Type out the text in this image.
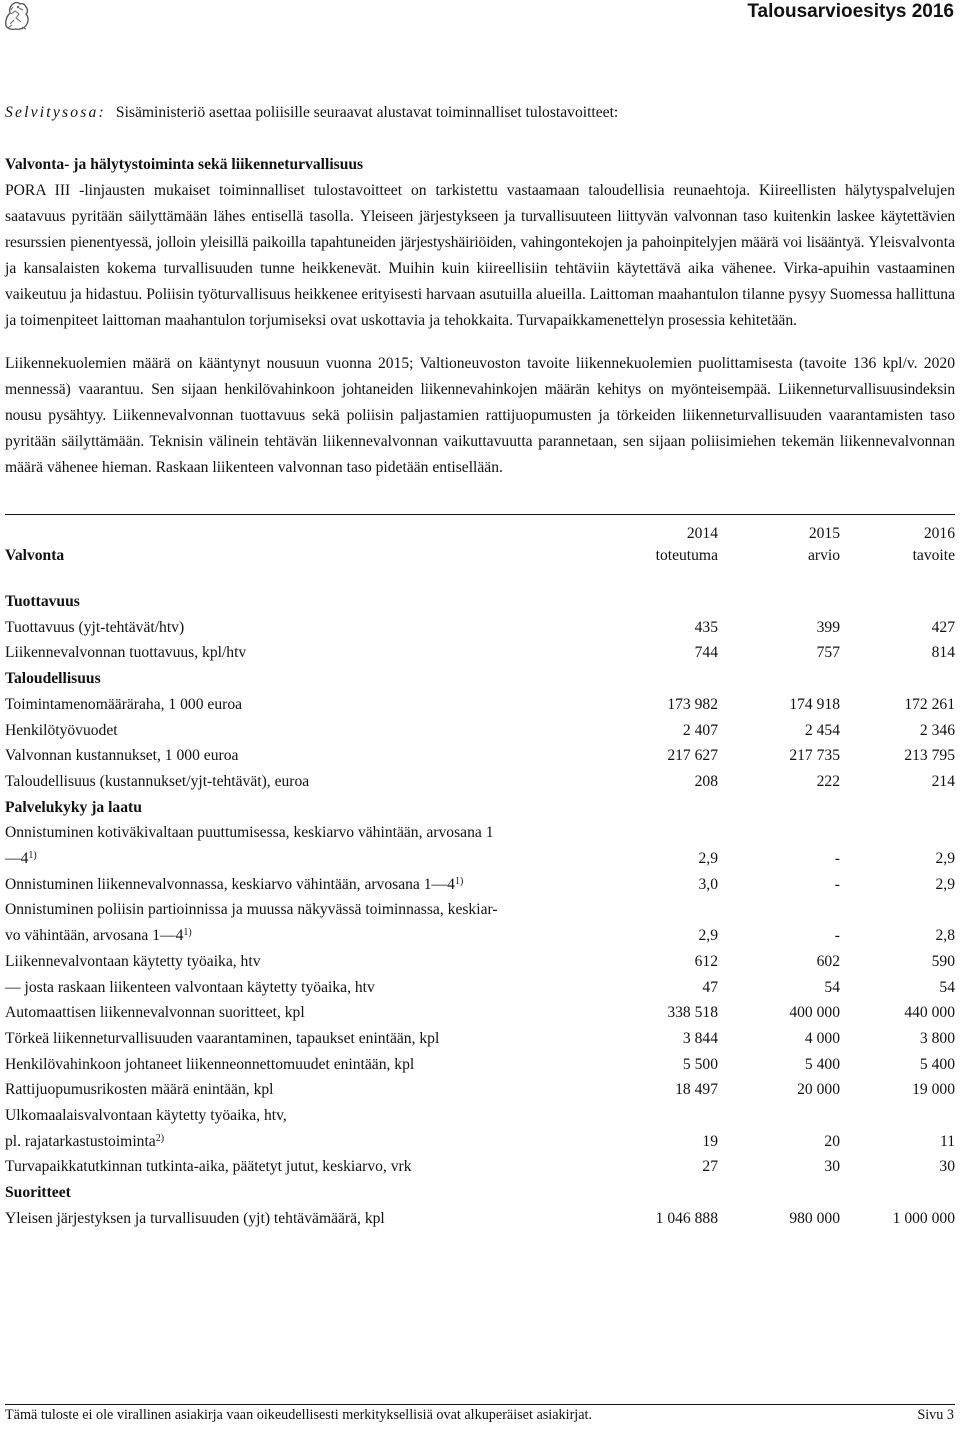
Talousarvioesitys 2016

Selvitysosa: Sisäministeriö asettaa poliisille seuraavat alustavat toiminnalliset tulostavoitteet:

Valvonta- ja hälytystoiminta sekä liikenneturvallisuus

PORA III -linjausten mukaiset toiminnalliset tulostavoitteet on tarkistettu vastaamaan taloudellisia reunaehtoja. Kiireellisten hälytyspalvelujen saatavuus pyritään säilyttämään lähes entisellä tasolla. Yleiseen järjestykseen ja turvallisuuteen liittyvän valvonnan taso kuitenkin laskee käytettävien resurssien pienentyessä, jolloin yleisillä paikoilla tapahtuneiden järjestyshäiriöiden, vahingontekojen ja pahoinpitelyjen määrä voi lisääntyä. Yleisvalvonta ja kansalaisten kokema turvallisuuden tunne heikkenevät. Muihin kuin kiireellisiin tehtäviin käytettävä aika vähenee. Virka-apuihin vastaaminen vaikeutuu ja hidastuu. Poliisin työturvallisuus heikkenee erityisesti harvaan asutuilla alueilla. Laittoman maahantulon tilanne pysyy Suomessa hallittuna ja toimenpiteet laittoman maahantulon torjumiseksi ovat uskottavia ja tehokkaita. Turvapaikkamenettelyn prosessia kehitetään.

Liikennekuolemien määrä on kääntynyt nousuun vuonna 2015; Valtioneuvoston tavoite liikennekuolemien puolittamisesta (tavoite 136 kpl/v. 2020 mennessä) vaarantuu. Sen sijaan henkilövahinkoon johtaneiden liikennevahinkojen määrän kehitys on myönteisempää. Liikenneturvallisuusindeksin nousu pysähtyy. Liikennevalvonnan tuottavuus sekä poliisin paljastamien rattijuopumusten ja törkeiden liikenneturvallisuuden vaarantamisten taso pyritään säilyttämään. Teknisin välinein tehtävän liikennevalvonnan vaikuttavuutta parannetaan, sen sijaan poliisimiehen tekemän liikennevalvonnan määrä vähenee hieman. Raskaan liikenteen valvonnan taso pidetään entisellään.

	2014	2015	2016
Valvonta	toteutuma	arvio	tavoite

Tuottavuus			
Tuottavuus (yjt-tehtävät/htv)	435	399	427
Liikennevalvonnan tuottavuus, kpl/htv	744	757	814
Taloudellisuus			
Toimintamenomääräraha, 1 000 euroa	173 982	174 918	172 261
Henkilötyövuodet	2 407	2 454	2 346
Valvonnan kustannukset, 1 000 euroa	217 627	217 735	213 795
Taloudellisuus (kustannukset/yjt-tehtävät), euroa	208	222	214
Palvelukyky ja laatu			
Onnistuminen kotiväkivaltaan puuttumisessa, keskiarvo vähintään, arvosana 1			
—4$^{1)}$	2,9	-	2,9
Onnistuminen liikennevalvonnassa, keskiarvo vähintään, arvosana 1—4$^{1)}$	3,0	-	2,9
Onnistuminen poliisin partioinnissa ja muussa näkyvässä toiminnassa, keskiar-			
vo vähintään, arvosana 1—4$^{1)}$	2,9	-	2,8
Liikennevalvontaan käytetty työaika, htv	612	602	590
— josta raskaan liikenteen valvontaan käytetty työaika, htv	47	54	54
Automaattisen liikennevalvonnan suoritteet, kpl	338 518	400 000	440 000
Törkeä liikenneturvallisuuden vaarantaminen, tapaukset enintään, kpl	3 844	4 000	3 800
Henkilövahinkoon johtaneet liikenneonnettomuudet enintään, kpl	5 500	5 400	5 400
Rattijuopumusrikosten määrä enintään, kpl	18 497	20 000	19 000
Ulkomaalaisvalvontaan käytetty työaika, htv,			
pl. rajatarkastustoiminta$^{2)}$	19	20	11
Turvapaikkatutkinnan tutkinta-aika, päätetyt jutut, keskiarvo, vrk	27	30	30
Suoritteet			
Yleisen järjestyksen ja turvallisuuden (yjt) tehtävämäärä, kpl	1 046 888	980 000	1 000 000
Tämä tuloste ei ole virallinen asiakirja vaan oikeudellisesti merkityksellisiä ovat alkuperäiset asiakirjat.	Sivu 3
